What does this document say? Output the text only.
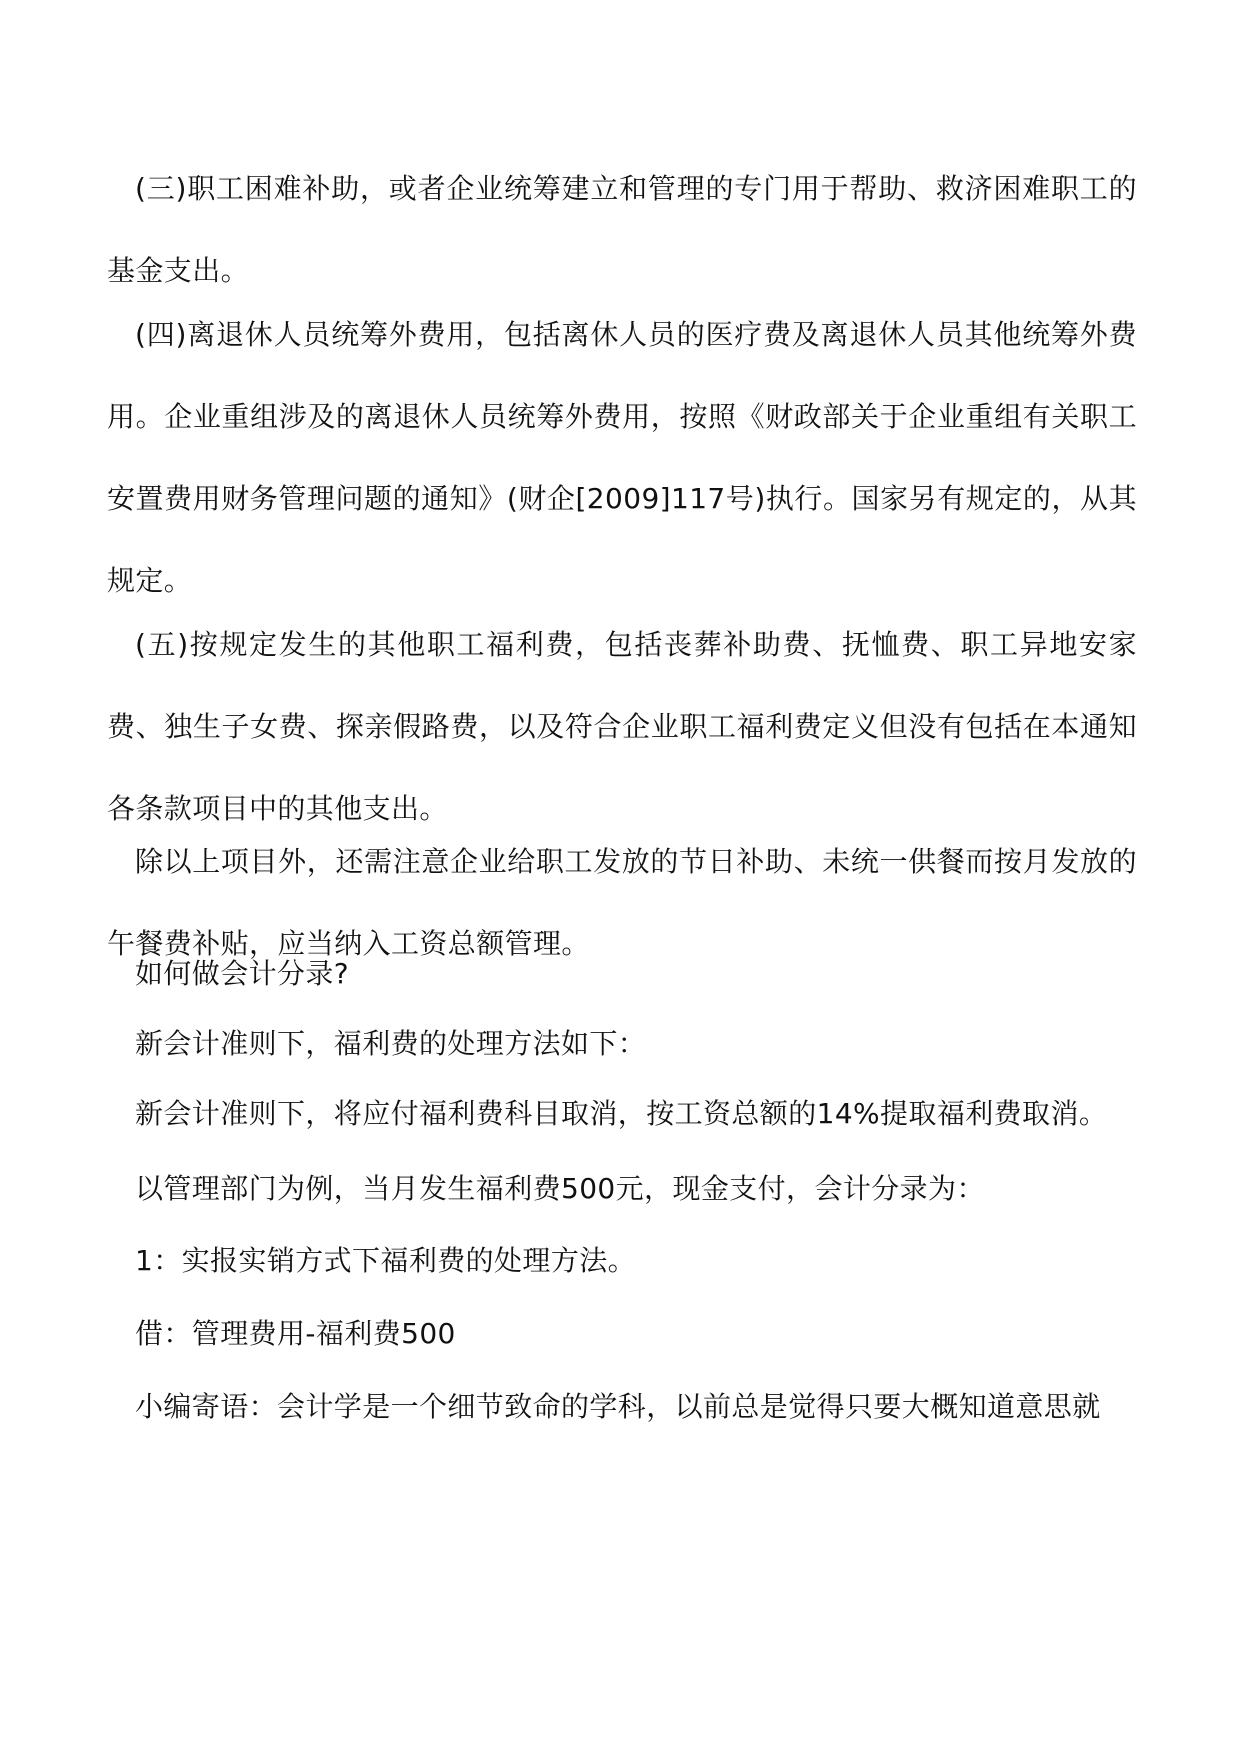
(三)职工困难补助，或者企业统筹建立和管理的专门用于帮助、救济困难职工的基金支出。

(四)离退休人员统筹外费用，包括离休人员的医疗费及离退休人员其他统筹外费用。企业重组涉及的离退休人员统筹外费用，按照《财政部关于企业重组有关职工安置费用财务管理问题的通知》(财企[2009]117号)执行。国家另有规定的，从其规定。

(五)按规定发生的其他职工福利费，包括丧葬补助费、抚恤费、职工异地安家费、独生子女费、探亲假路费，以及符合企业职工福利费定义但没有包括在本通知各条款项目中的其他支出。

除以上项目外，还需注意企业给职工发放的节日补助、未统一供餐而按月发放的午餐费补贴，应当纳入工资总额管理。

如何做会计分录?

新会计准则下，福利费的处理方法如下：

新会计准则下，将应付福利费科目取消，按工资总额的14%提取福利费取消。

以管理部门为例，当月发生福利费500元，现金支付，会计分录为：

1：实报实销方式下福利费的处理方法。

借：管理费用-福利费500

小编寄语：会计学是一个细节致命的学科，以前总是觉得只要大概知道意思就
